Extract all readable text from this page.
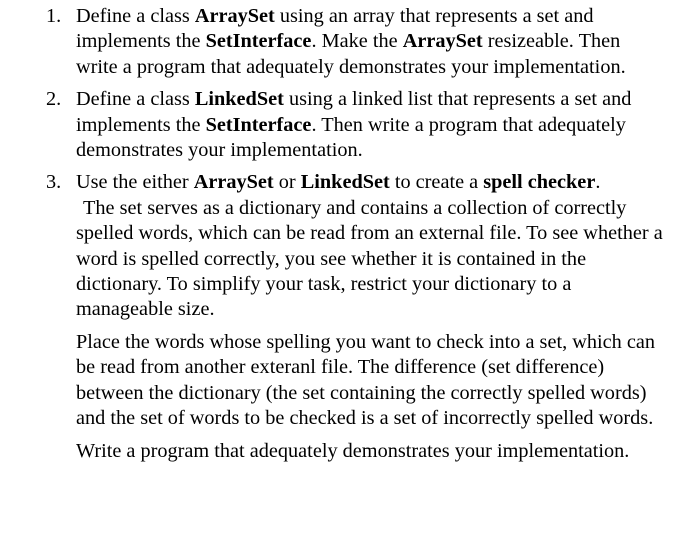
1. Define a class ArraySet using an array that represents a set and implements the SetInterface. Make the ArraySet resizeable. Then write a program that adequately demonstrates your implementation.
2. Define a class LinkedSet using a linked list that represents a set and implements the SetInterface. Then write a program that adequately demonstrates your implementation.
3. Use the either ArraySet or LinkedSet to create a spell checker.
The set serves as a dictionary and contains a collection of correctly spelled words, which can be read from an external file. To see whether a word is spelled correctly, you see whether it is contained in the dictionary. To simplify your task, restrict your dictionary to a manageable size.
Place the words whose spelling you want to check into a set, which can be read from another exteranl file. The difference (set difference) between the dictionary (the set containing the correctly spelled words) and the set of words to be checked is a set of incorrectly spelled words.
Write a program that adequately demonstrates your implementation.
